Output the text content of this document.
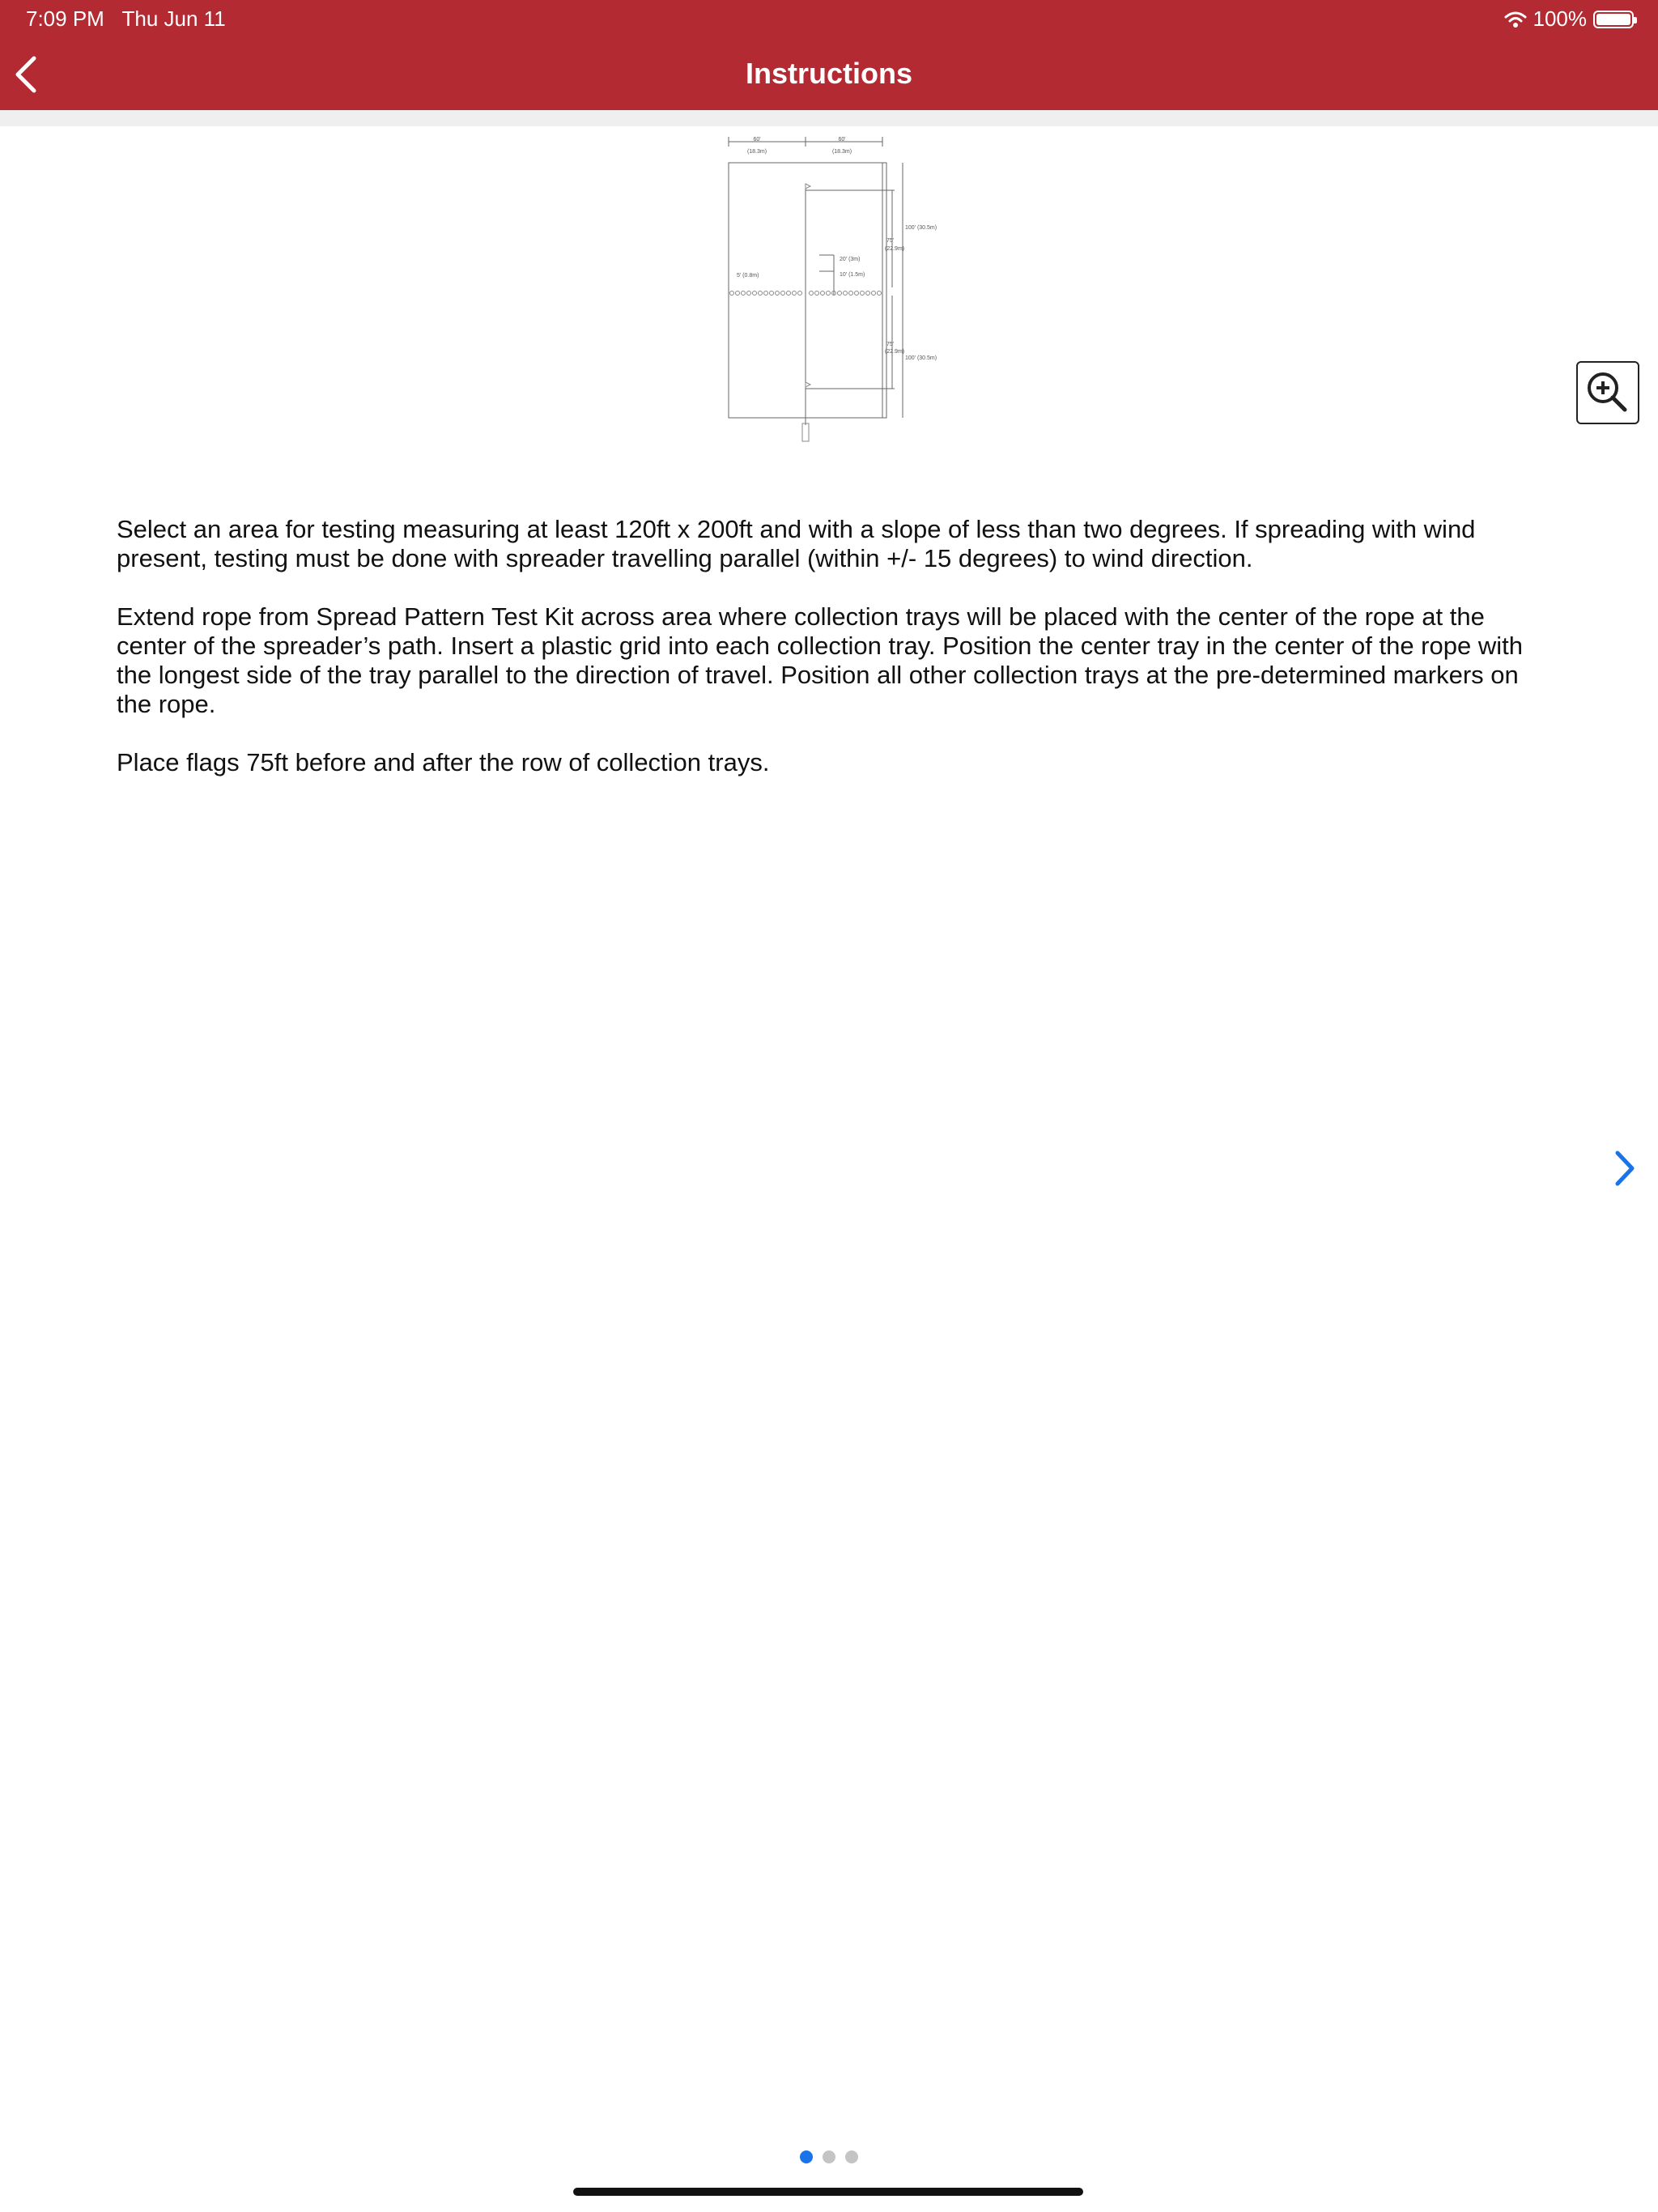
7:09 PM Thu Jun 11	100%
Instructions
60'
(18.3m)
60'
(18.3m)
100' (30.5m)
75'
(22.9m)
20' (3m)
10' (1.5m)
5' (0.8m)
75'
(22.9m)
100' (30.5m)

Select an area for testing measuring at least 120ft x 200ft and with a slope of less than two degrees. If spreading with wind present, testing must be done with spreader travelling parallel (within +/- 15 degrees) to wind direction.

Extend rope from Spread Pattern Test Kit across area where collection trays will be placed with the center of the rope at the center of the spreader’s path. Insert a plastic grid into each collection tray. Position the center tray in the center of the rope with the longest side of the tray parallel to the direction of travel. Position all other collection trays at the pre-determined markers on the rope.

Place flags 75ft before and after the row of collection trays.
